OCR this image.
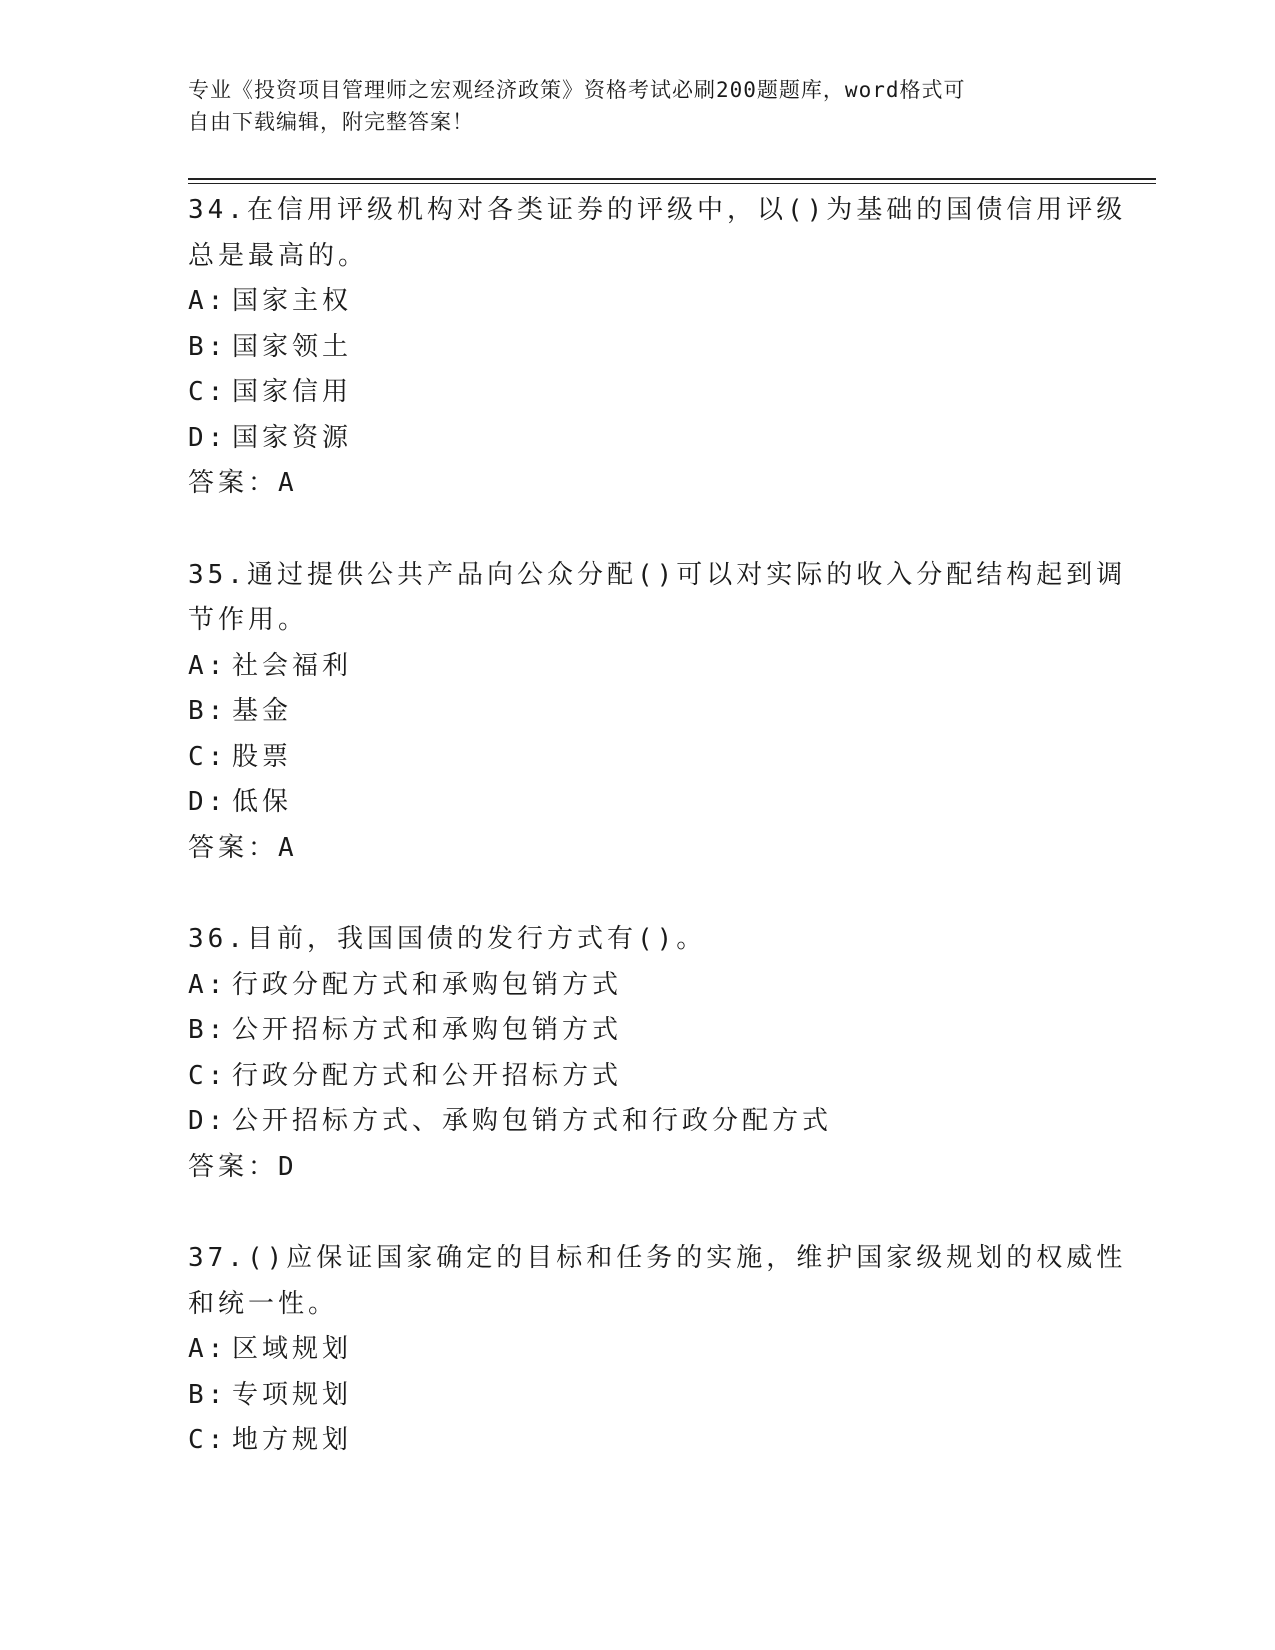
专业《投资项目管理师之宏观经济政策》资格考试必刷200题题库，word格式可
自由下载编辑，附完整答案！
34.在信用评级机构对各类证券的评级中，以()为基础的国债信用评级
总是最高的。
A: 国家主权
B: 国家领土
C: 国家信用
D: 国家资源
答案：A
35.通过提供公共产品向公众分配()可以对实际的收入分配结构起到调
节作用。
A: 社会福利
B: 基金
C: 股票
D: 低保
答案：A
36.目前，我国国债的发行方式有()。
A: 行政分配方式和承购包销方式
B: 公开招标方式和承购包销方式
C: 行政分配方式和公开招标方式
D: 公开招标方式、承购包销方式和行政分配方式
答案：D
37.()应保证国家确定的目标和任务的实施，维护国家级规划的权威性
和统一性。
A: 区域规划
B: 专项规划
C: 地方规划
